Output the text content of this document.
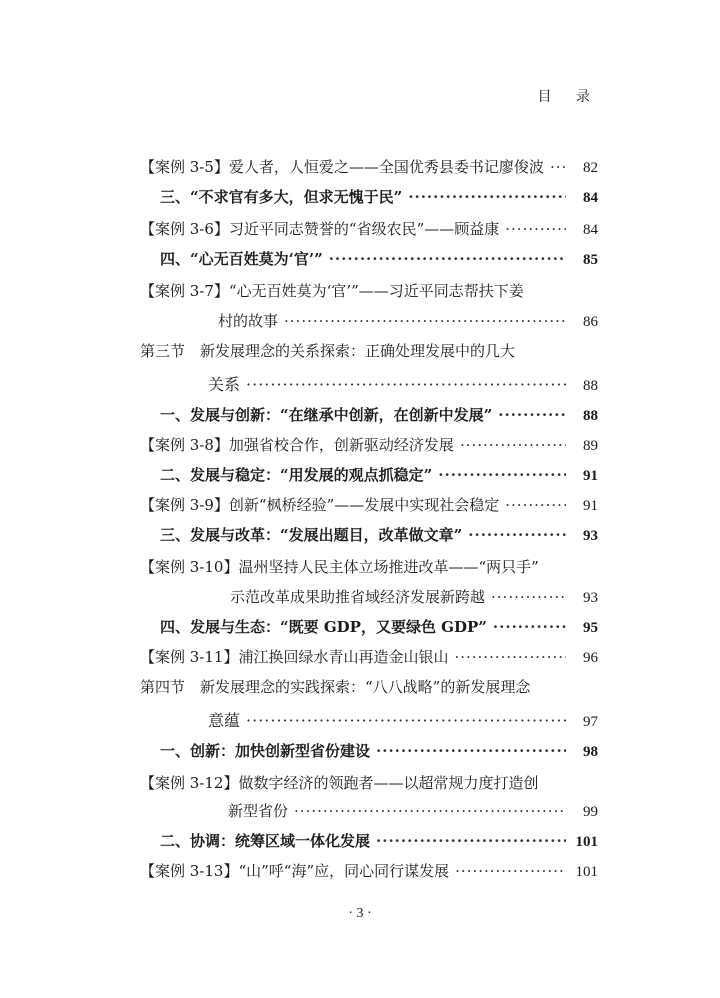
目 录
【案例 3-5】爱人者，人恒爱之——全国优秀县委书记廖俊波 ·····	82
三、“不求官有多大，但求无愧于民” ·····	84
【案例 3-6】习近平同志赞誉的“省级农民”——顾益康 ·····	84
四、“心无百姓莫为‘官’” ·····	85
【案例 3-7】“心无百姓莫为‘官’”——习近平同志帮扶下姜
村的故事 ·····	86
第三节　新发展理念的关系探索：正确处理发展中的几大
关系 ·····	88
一、发展与创新：“在继承中创新，在创新中发展” ·····	88
【案例 3-8】加强省校合作，创新驱动经济发展 ·····	89
二、发展与稳定：“用发展的观点抓稳定” ·····	91
【案例 3-9】创新“枫桥经验”——发展中实现社会稳定 ·····	91
三、发展与改革：“发展出题目，改革做文章” ·····	93
【案例 3-10】温州坚持人民主体立场推进改革——“两只手”
示范改革成果助推省域经济发展新跨越 ·····	93
四、发展与生态：“既要 GDP，又要绿色 GDP” ·····	95
【案例 3-11】浦江换回绿水青山再造金山银山 ·····	96
第四节　新发展理念的实践探索：“八八战略”的新发展理念
意蕴 ·····	97
一、创新：加快创新型省份建设 ·····	98
【案例 3-12】做数字经济的领跑者——以超常规力度打造创
新型省份 ·····	99
二、协调：统筹区域一体化发展 ·····	101
【案例 3-13】“山”呼“海”应，同心同行谋发展 ·····	101
· 3 ·
